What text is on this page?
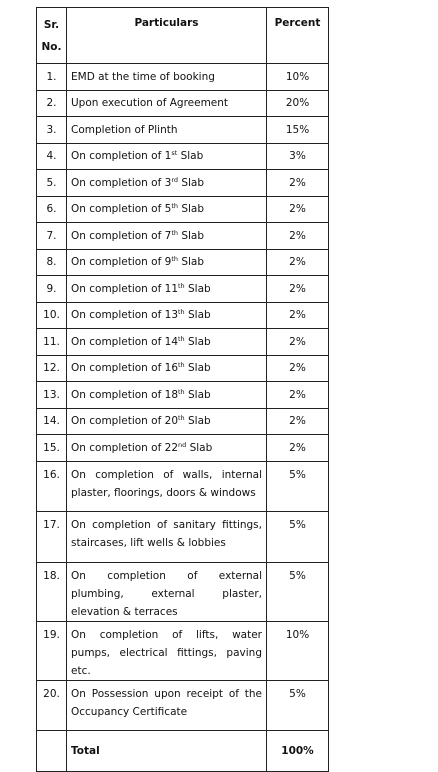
Sr. No.	Particulars	Percent
1.	EMD at the time of booking	10%
2.	Upon execution of Agreement	20%
3.	Completion of Plinth	15%
4.	On completion of 1st Slab	3%
5.	On completion of 3rd Slab	2%
6.	On completion of 5th Slab	2%
7.	On completion of 7th Slab	2%
8.	On completion of 9th Slab	2%
9.	On completion of 11th Slab	2%
10.	On completion of 13th Slab	2%
11.	On completion of 14th Slab	2%
12.	On completion of 16th Slab	2%
13.	On completion of 18th Slab	2%
14.	On completion of 20th Slab	2%
15.	On completion of 22nd Slab	2%
16.	On completion of walls, internal plaster, floorings, doors & windows	5%
17.	On completion of sanitary fittings, staircases, lift wells & lobbies	5%
18.	On completion of external plumbing, external plaster, elevation & terraces	5%
19.	On completion of lifts, water pumps, electrical fittings, paving etc.	10%
20.	On Possession upon receipt of the Occupancy Certificate	5%
	Total	100%
